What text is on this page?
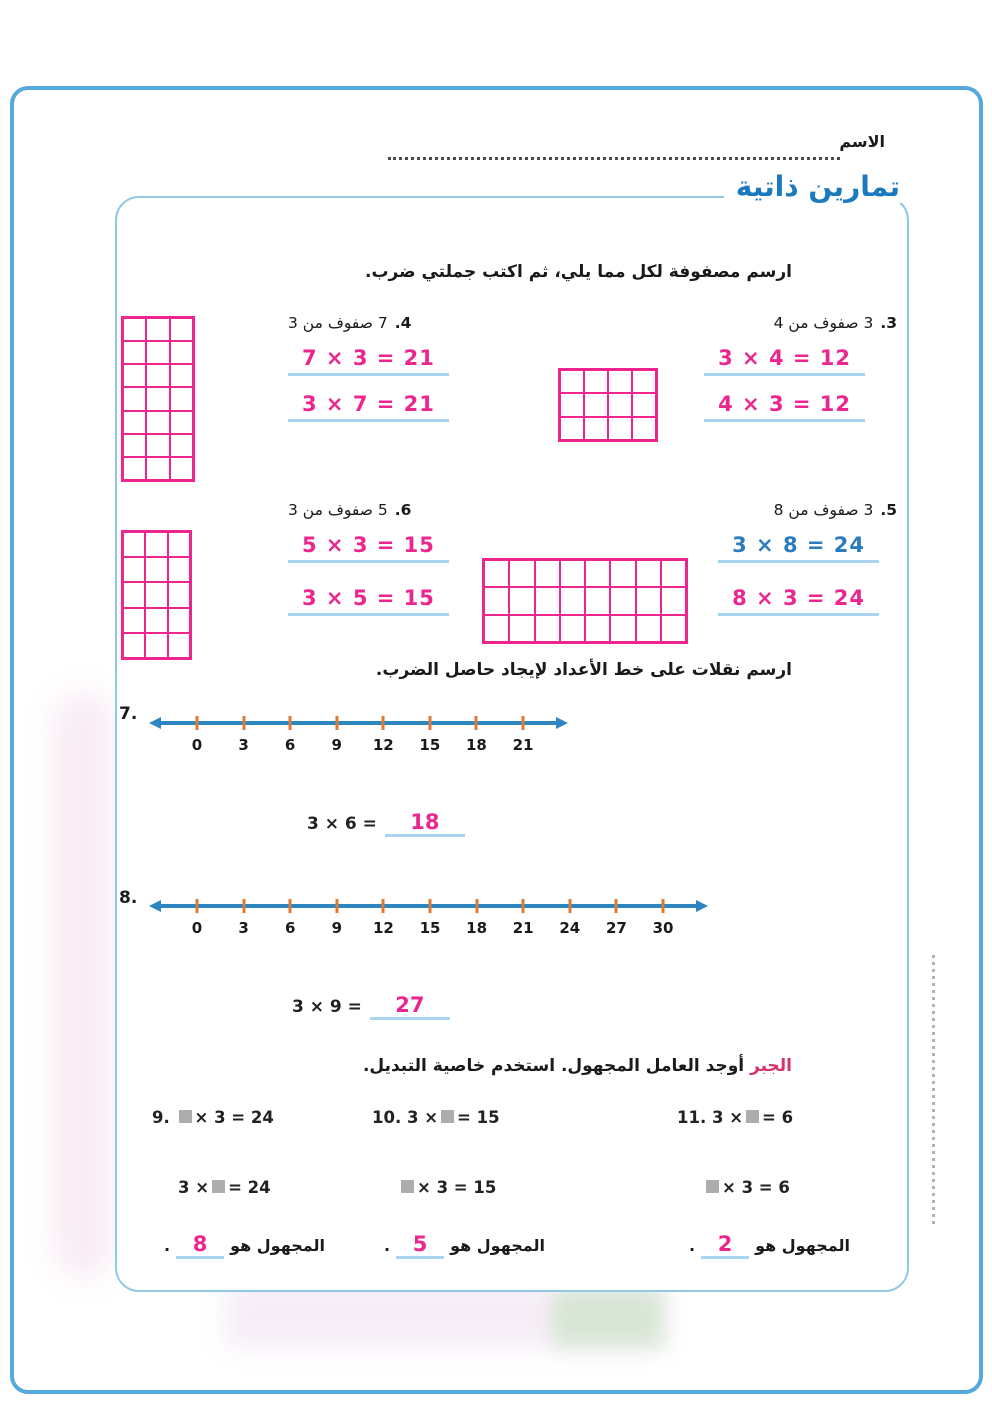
الاسم
تمارين ذاتية
ارسم مصفوفة لكل مما يلي، ثم اكتب جملتي ضرب.
3.
3 صفوف من 4
3 × 4 = 12
4 × 3 = 12
4.
7 صفوف من 3
7 × 3 = 21
3 × 7 = 21
5.
3 صفوف من 8
3 × 8 = 24
8 × 3 = 24
6.
5 صفوف من 3
5 × 3 = 15
3 × 5 = 15
ارسم نقلات على خط الأعداد لإيجاد حاصل الضرب.
7.
0 3 6 9 12 15 18 21
3 × 6 = 18
8.
0 3 6 9 12 15 18 21 24 27 30
3 × 9 = 27
الجبر أوجد العامل المجهول. استخدم خاصية التبديل.
9. × 3 = 24
3 × = 24
المجهول هو8.
10. 3 × = 15
× 3 = 15
المجهول هو5.
11. 3 × = 6
× 3 = 6
المجهول هو2.
